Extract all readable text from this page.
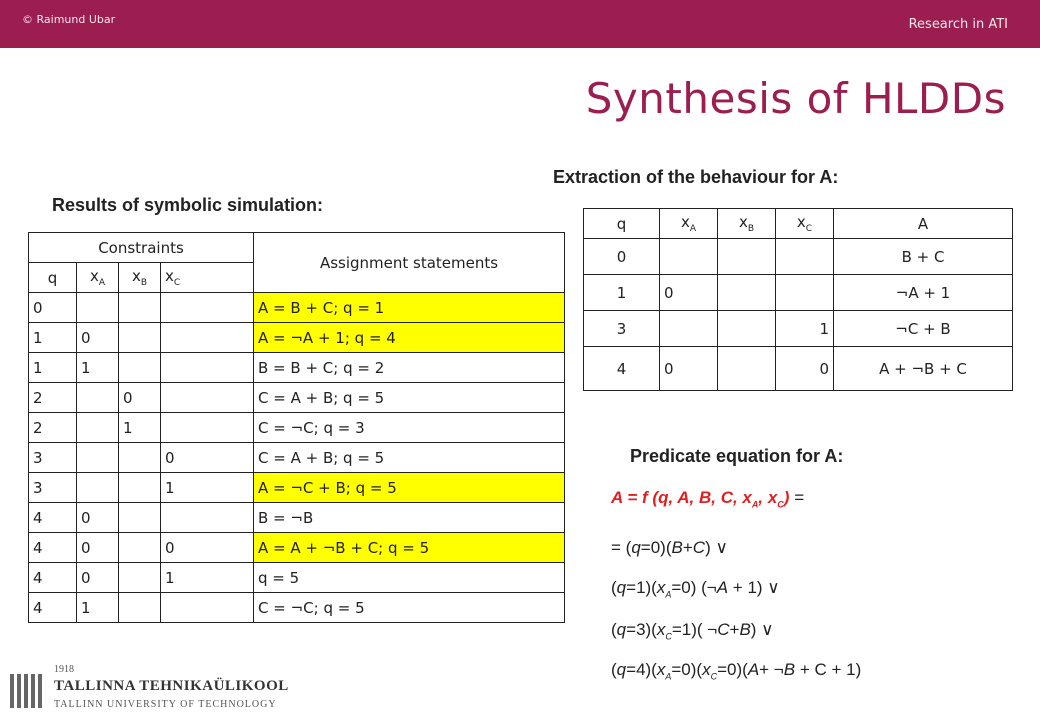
© Raimund Ubar	Research in ATI
Synthesis of HLDDs
Results of symbolic simulation:
Extraction of the behaviour for A:
Constraints				Assignment statements
q	$x_A$	$x_B$	$x_C$
0				A = B + C; q = 1
1	0			A = ¬A + 1; q = 4
1	1			B = B + C; q = 2
2		0		C = A + B; q = 5
2		1		C = ¬C; q = 3
3			0	C = A + B; q = 5
3			1	A = ¬C + B; q = 5
4	0			B = ¬B
4	0		0	A = A + ¬B + C; q = 5
4	0		1	q = 5
4	1			C = ¬C; q = 5
q	$x_A$	$x_B$	$x_C$	A
0				B + C
1	0			¬A + 1
3			1	¬C + B
4	0		0	A + ¬B + C
Predicate equation for A:
A = f (q, A, B, C, $x_A$, $x_C$) =
= (q=0)(B+C) ∨
$(q=1)(x_A=0)$ (¬A + 1) ∨
$(q=3)(x_C=1)$( ¬C+B) ∨
$(q=4)(x_A=0)(x_C=0)(A+$ ¬B + C + 1)
1918
TALLINNA TEHNIKAÜLIKOOL
TALLINN UNIVERSITY OF TECHNOLOGY
